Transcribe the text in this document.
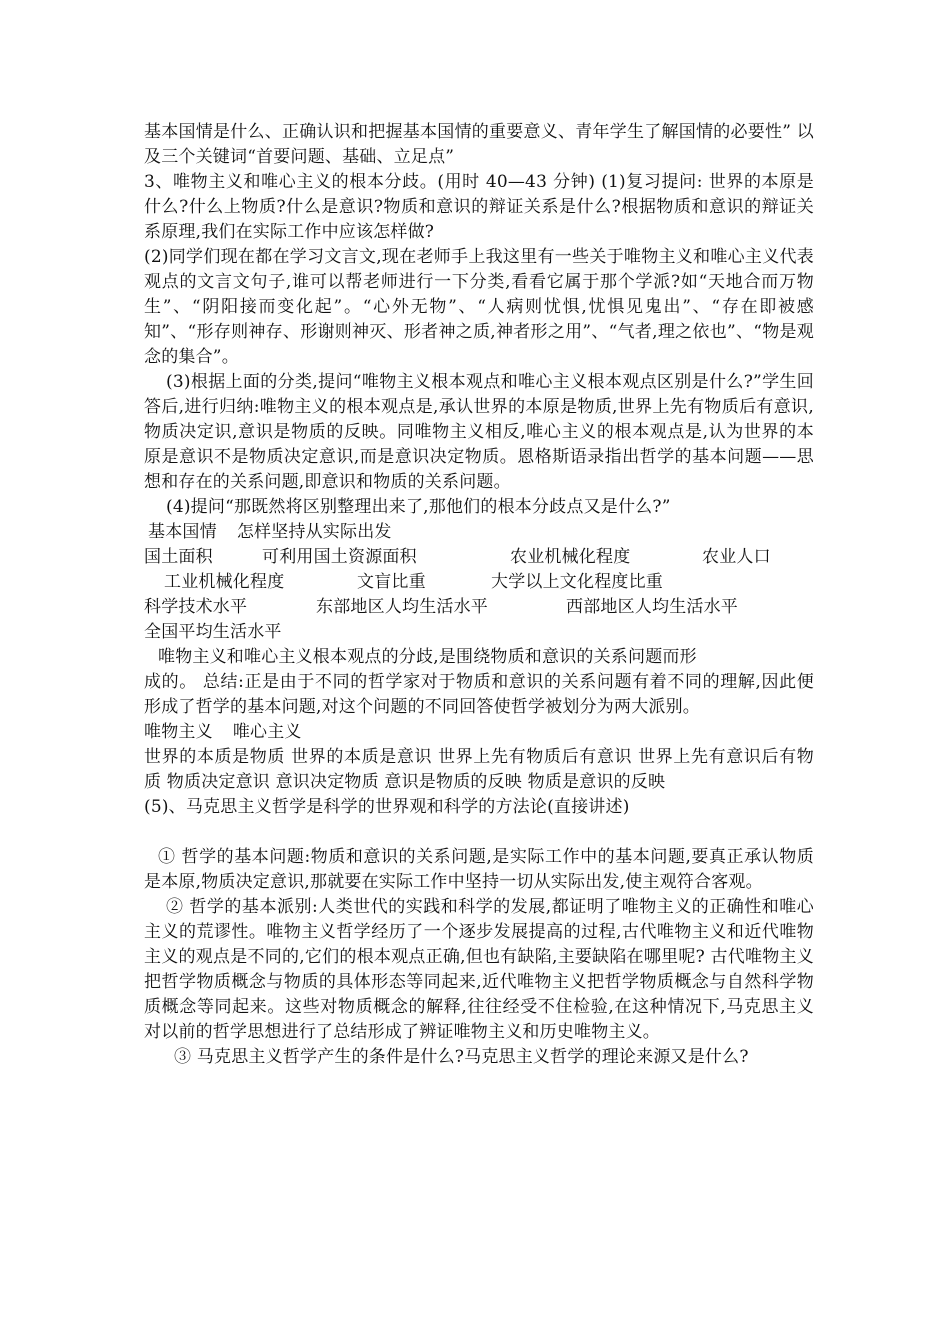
基本国情是什么、正确认识和把握基本国情的重要意义、青年学生了解国情的必要性” 以及三个关键词“首要问题、基础、立足点”

3、唯物主义和唯心主义的根本分歧。(用时 40—43 分钟) (1)复习提问: 世界的本原是什么?什么上物质?什么是意识?物质和意识的辩证关系是什么?根据物质和意识的辩证关系原理,我们在实际工作中应该怎样做?

(2)同学们现在都在学习文言文,现在老师手上我这里有一些关于唯物主义和唯心主义代表观点的文言文句子,谁可以帮老师进行一下分类,看看它属于那个学派?如“天地合而万物生”、“阴阳接而变化起”。“心外无物”、“人病则忧惧,忧惧见鬼出”、“存在即被感知”、“形存则神存、形谢则神灭、形者神之质,神者形之用”、“气者,理之依也”、“物是观念的集合”。

(3)根据上面的分类,提问“唯物主义根本观点和唯心主义根本观点区别是什么?”学生回答后,进行归纳:唯物主义的根本观点是,承认世界的本原是物质,世界上先有物质后有意识,物质决定识,意识是物质的反映。同唯物主义相反,唯心主义的根本观点是,认为世界的本原是意识不是物质决定意识,而是意识决定物质。恩格斯语录指出哲学的基本问题——思想和存在的关系问题,即意识和物质的关系问题。

(4)提问“那既然将区别整理出来了,那他们的根本分歧点又是什么?”

基本国情 怎样坚持从实际出发
国土面积	可利用国土资源面积	农业机械化程度	农业人口
工业机械化程度	文盲比重	大学以上文化程度比重
科学技术水平	东部地区人均生活水平	西部地区人均生活水平
全国平均生活水平

唯物主义和唯心主义根本观点的分歧,是围绕物质和意识的关系问题而形

成的。 总结:正是由于不同的哲学家对于物质和意识的关系问题有着不同的理解,因此便形成了哲学的基本问题,对这个问题的不同回答使哲学被划分为两大派别。

唯物主义 唯心主义

世界的本质是物质 世界的本质是意识 世界上先有物质后有意识 世界上先有意识后有物质 物质决定意识 意识决定物质 意识是物质的反映 物质是意识的反映

(5)、马克思主义哲学是科学的世界观和科学的方法论(直接讲述)

① 哲学的基本问题:物质和意识的关系问题,是实际工作中的基本问题,要真正承认物质是本原,物质决定意识,那就要在实际工作中坚持一切从实际出发,使主观符合客观。

② 哲学的基本派别:人类世代的实践和科学的发展,都证明了唯物主义的正确性和唯心主义的荒谬性。唯物主义哲学经历了一个逐步发展提高的过程,古代唯物主义和近代唯物主义的观点是不同的,它们的根本观点正确,但也有缺陷,主要缺陷在哪里呢? 古代唯物主义把哲学物质概念与物质的具体形态等同起来,近代唯物主义把哲学物质概念与自然科学物质概念等同起来。这些对物质概念的解释,往往经受不住检验,在这种情况下,马克思主义对以前的哲学思想进行了总结形成了辨证唯物主义和历史唯物主义。

③ 马克思主义哲学产生的条件是什么?马克思主义哲学的理论来源又是什么?
